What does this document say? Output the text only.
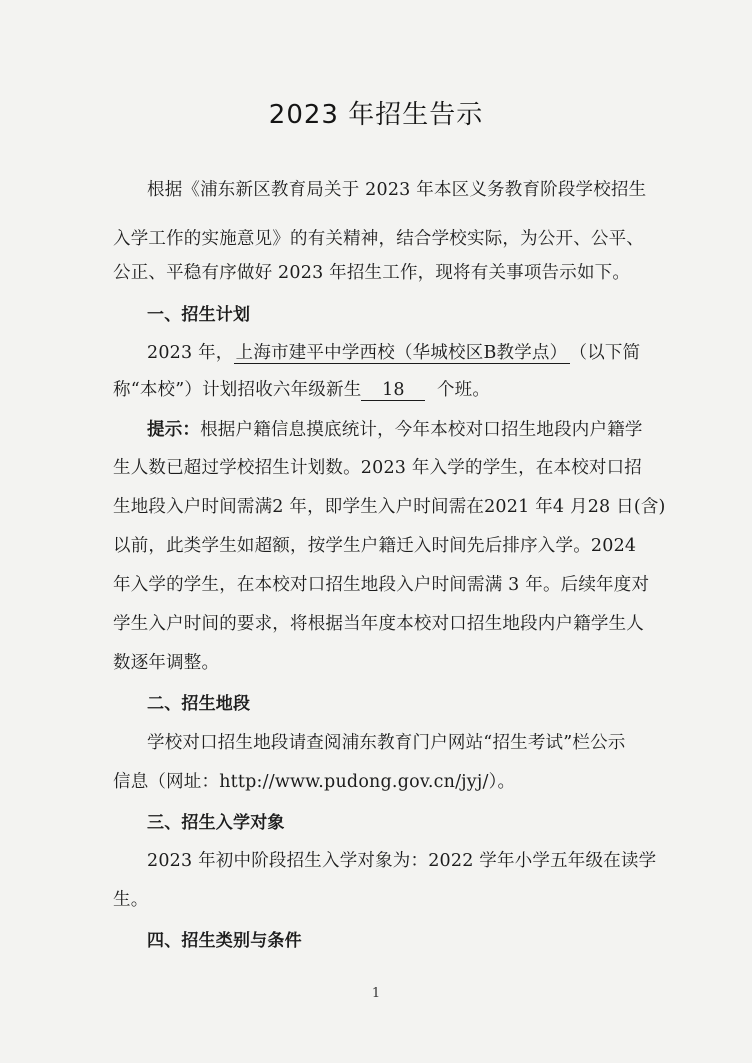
2023 年招生告示
根据《浦东新区教育局关于 2023 年本区义务教育阶段学校招生
入学工作的实施意见》的有关精神，结合学校实际，为公开、公平、
公正、平稳有序做好 2023 年招生工作，现将有关事项告示如下。
一、招生计划
2023 年， 上海市建平中学西校（华城校区B教学点） （以下简
称“本校”）计划招收六年级新生 18 个班。
提示：根据户籍信息摸底统计，今年本校对口招生地段内户籍学
生人数已超过学校招生计划数。2023 年入学的学生，在本校对口招
生地段入户时间需满2 年，即学生入户时间需在2021 年4 月28 日(含)
以前，此类学生如超额，按学生户籍迁入时间先后排序入学。2024
年入学的学生，在本校对口招生地段入户时间需满 3 年。后续年度对
学生入户时间的要求，将根据当年度本校对口招生地段内户籍学生人
数逐年调整。
二、招生地段
学校对口招生地段请查阅浦东教育门户网站“招生考试”栏公示
信息（网址：http://www.pudong.gov.cn/jyj/）。
三、招生入学对象
2023 年初中阶段招生入学对象为：2022 学年小学五年级在读学
生。
四、招生类别与条件
1
